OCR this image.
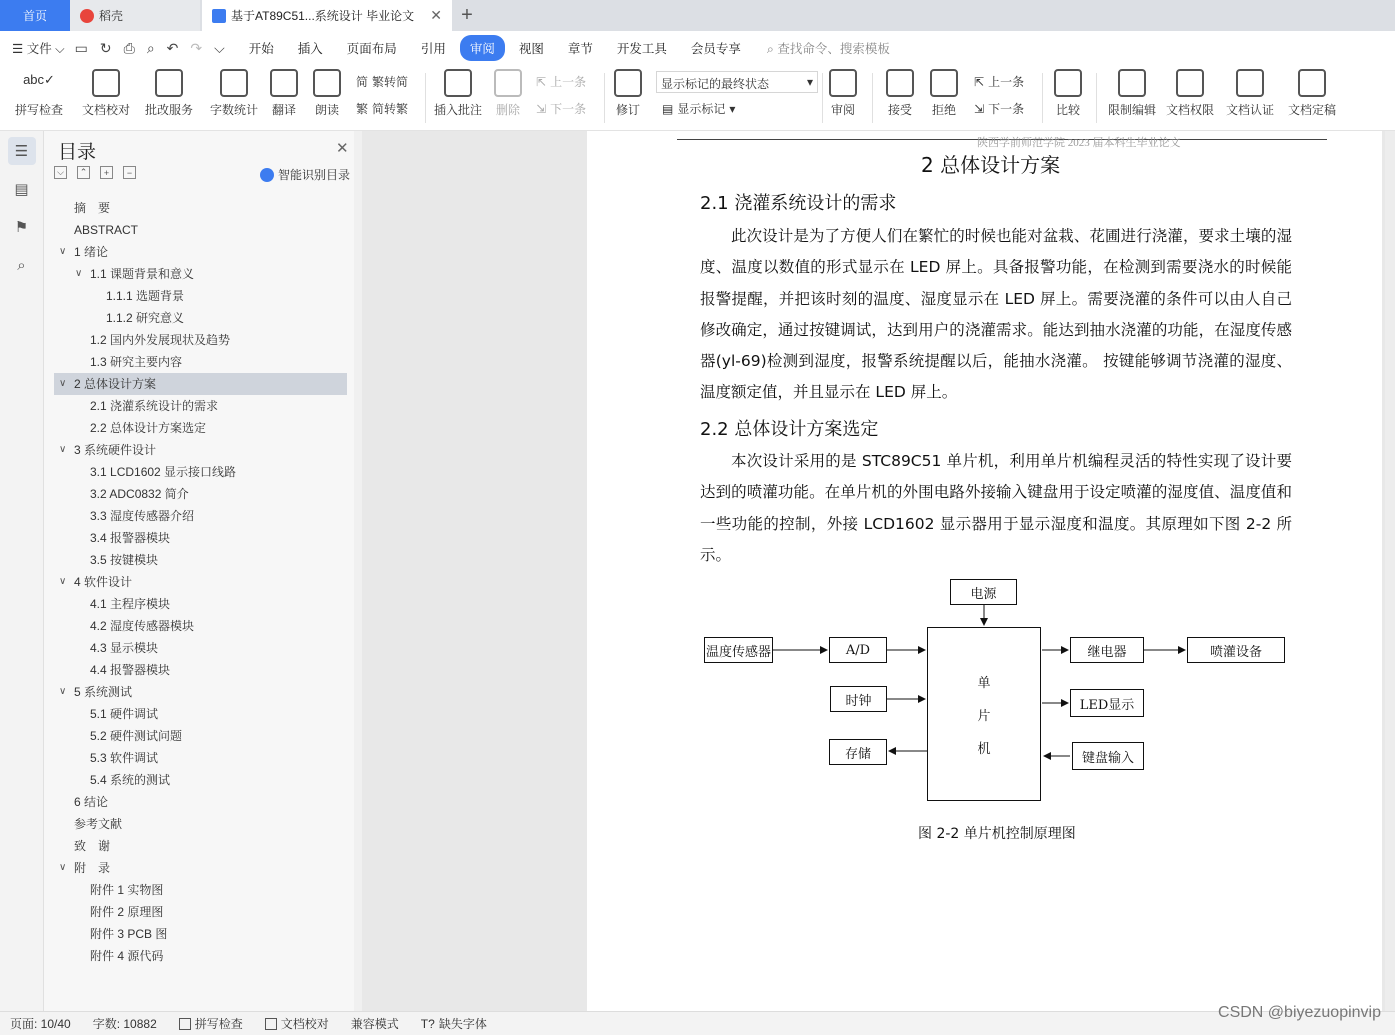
首页	稻壳	基于AT89C51...系统设计 毕业论文 ✕ +
☰ 文件 ⌵ ▭ ↻ ⎙ ⌕ ↶ ↷ ⌵	开始	插入	页面布局	引用	审阅	视图	章节	开发工具	会员专享	⌕ 查找命令、搜索模板
abc✓
拼写检查	文档校对	批改服务	字数统计	翻译	朗读
简 繁转简
繁 简转繁 插入批注	删除
⇱ 上一条
⇲ 下一条	修订
显示标记的最终状态	▾
▤ 显示标记 ▾	审阅	接受	拒绝
⇱ 上一条
⇲ 下一条	比较	限制编辑 文档权限 文档认证 文档定稿
☰
▤
⚑
⌕
目录	✕
⌵	⌃	+	−	智能识别目录
摘　要
ABSTRACT
∨ 1 绪论
∨ 1.1 课题背景和意义
1.1.1 选题背景
1.1.2 研究意义
1.2 国内外发展现状及趋势
1.3 研究主要内容
∨ 2 总体设计方案
2.1 浇灌系统设计的需求
2.2 总体设计方案选定
∨ 3 系统硬件设计
3.1 LCD1602 显示接口线路
3.2 ADC0832 简介
3.3 湿度传感器介绍
3.4 报警器模块
3.5 按键模块
∨ 4 软件设计
4.1 主程序模块
4.2 湿度传感器模块
4.3 显示模块
4.4 报警器模块
∨ 5 系统测试
5.1 硬件调试
5.2 硬件测试问题
5.3 软件调试
5.4 系统的测试
6 结论
参考文献
致　谢
∨ 附　录
附件 1 实物图
附件 2 原理图
附件 3 PCB 图
附件 4 源代码
陕西学前师范学院 2023 届本科生毕业论文
2 总体设计方案
2.1 浇灌系统设计的需求
此次设计是为了方便人们在繁忙的时候也能对盆栽、花圃进行浇灌，要求土壤的湿度、温度以数值的形式显示在 LED 屏上。具备报警功能，在检测到需要浇水的时候能报警提醒，并把该时刻的温度、湿度显示在 LED 屏上。需要浇灌的条件可以由人自己修改确定，通过按键调试，达到用户的浇灌需求。能达到抽水浇灌的功能，在湿度传感器(yl-69)检测到湿度，报警系统提醒以后，能抽水浇灌。 按键能够调节浇灌的湿度、温度额定值，并且显示在 LED 屏上。
2.2 总体设计方案选定
本次设计采用的是 STC89C51 单片机，利用单片机编程灵活的特性实现了设计要达到的喷灌功能。在单片机的外围电路外接输入键盘用于设定喷灌的湿度值、温度值和一些功能的控制，外接 LCD1602 显示器用于显示湿度和温度。其原理如下图 2-2 所示。
电源
温度传感器	A/D
时钟
存储
单
片
机
继电器	喷灌设备
LED显示
键盘输入
图 2-2 单片机控制原理图
页面: 10/40 字数: 10882	拼写检查	文档校对 兼容模式 T? 缺失字体
CSDN @biyezuopinvip
